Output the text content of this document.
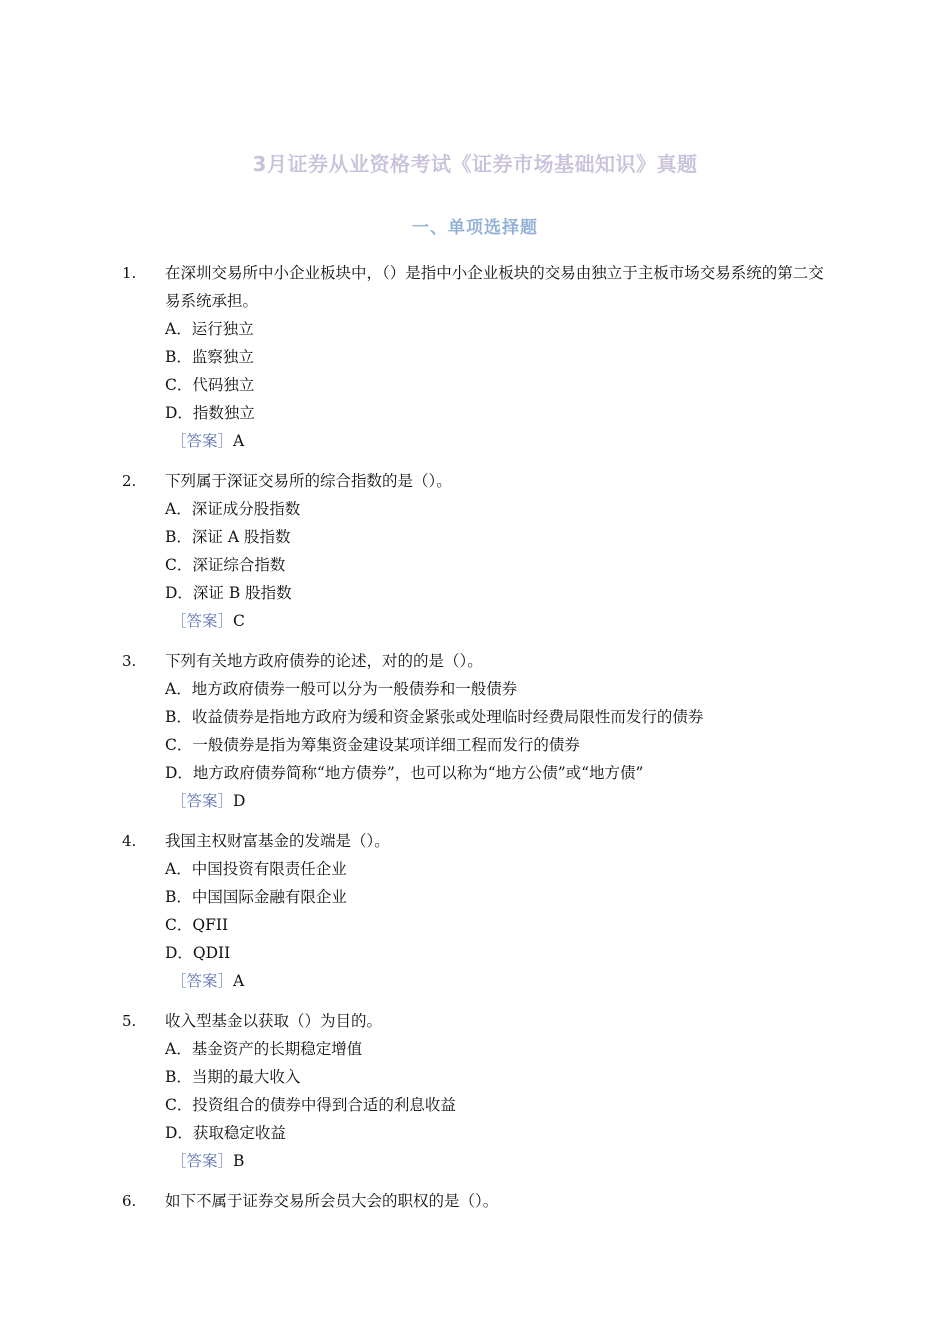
3月证券从业资格考试《证券市场基础知识》真题
一、单项选择题
1. 在深圳交易所中小企业板块中，（）是指中小企业板块的交易由独立于主板市场交易系统的第二交易系统承担。
A．运行独立
B．监察独立
C．代码独立
D．指数独立
［答案］A
2. 下列属于深证交易所的综合指数的是（）。
A．深证成分股指数
B．深证 A 股指数
C．深证综合指数
D．深证 B 股指数
［答案］C
3. 下列有关地方政府债券的论述，对的的是（）。
A．地方政府债券一般可以分为一般债券和一般债券
B．收益债券是指地方政府为缓和资金紧张或处理临时经费局限性而发行的债券
C．一般债券是指为筹集资金建设某项详细工程而发行的债券
D．地方政府债券简称“地方债券”，也可以称为“地方公债”或“地方债”
［答案］D
4. 我国主权财富基金的发端是（）。
A．中国投资有限责任企业
B．中国国际金融有限企业
C．QFII
D．QDII
［答案］A
5. 收入型基金以获取（）为目的。
A．基金资产的长期稳定增值
B．当期的最大收入
C．投资组合的债券中得到合适的利息收益
D．获取稳定收益
［答案］B
6. 如下不属于证券交易所会员大会的职权的是（）。
